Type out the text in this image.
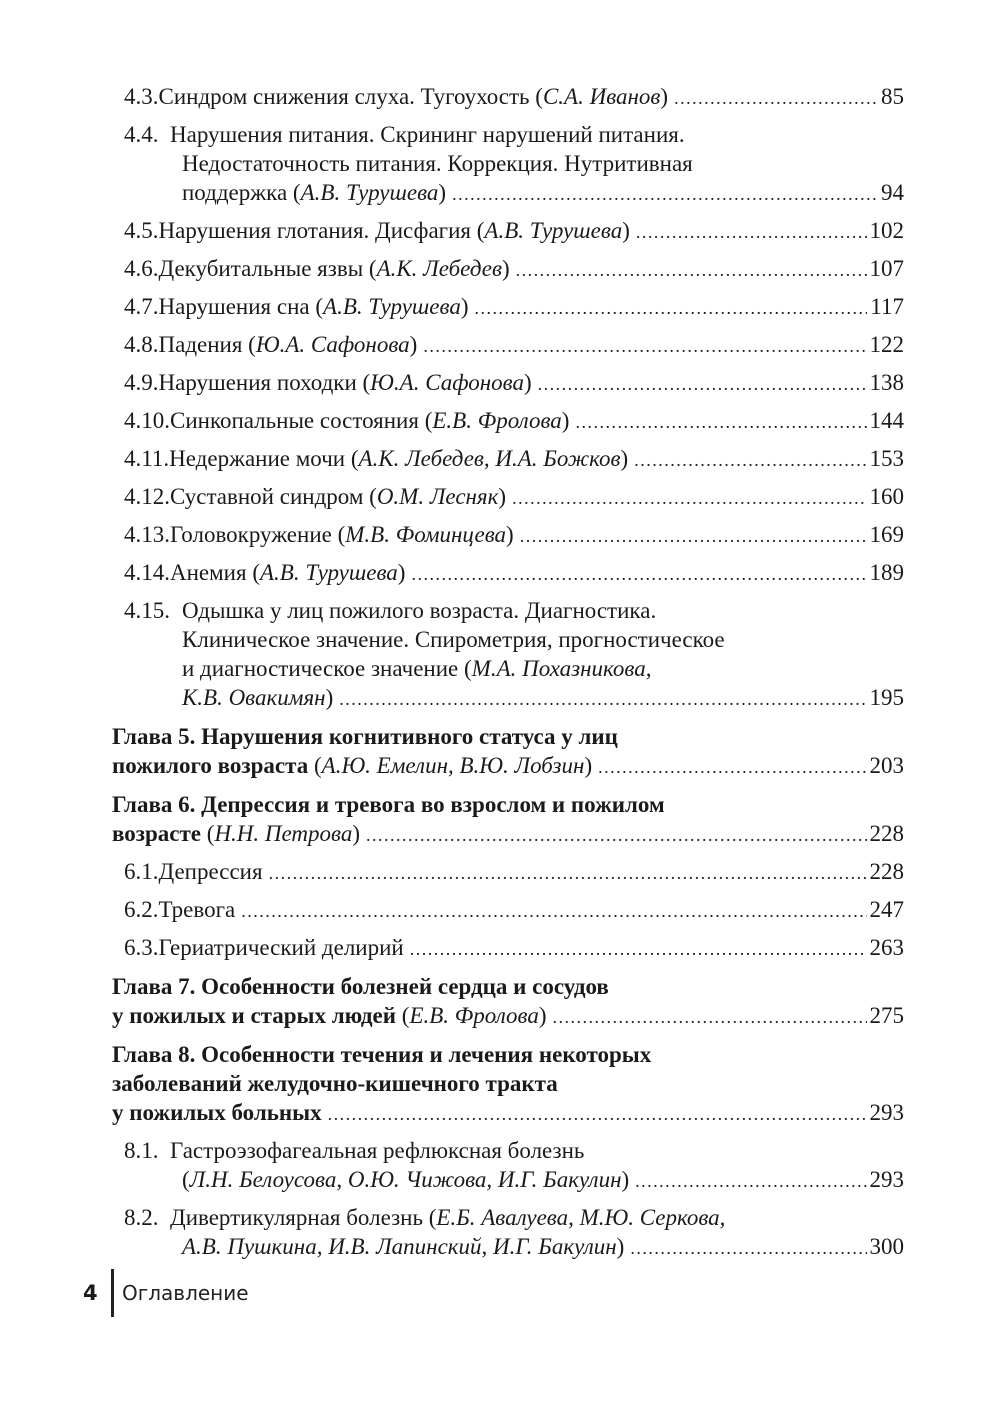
4.3. Синдром снижения слуха. Тугоухость (С.А. Иванов) .....	85
4.4. Нарушения питания. Скрининг нарушений питания.
Недостаточность питания. Коррекция. Нутритивная
поддержка (А.В. Турушева) .....	94
4.5. Нарушения глотания. Дисфагия (А.В. Турушева) .....	102
4.6. Декубитальные язвы (А.К. Лебедев) .....	107
4.7. Нарушения сна (А.В. Турушева) .....	117
4.8. Падения (Ю.А. Сафонова) .....	122
4.9. Нарушения походки (Ю.А. Сафонова) .....	138
4.10. Синкопальные состояния (Е.В. Фролова) .....	144
4.11. Недержание мочи (А.К. Лебедев, И.А. Божков) .....	153
4.12. Суставной синдром (О.М. Лесняк) .....	160
4.13. Головокружение (М.В. Фоминцева) .....	169
4.14. Анемия (А.В. Турушева) .....	189
4.15. Одышка у лиц пожилого возраста. Диагностика.
Клиническое значение. Спирометрия, прогностическое
и диагностическое значение (М.А. Похазникова,
К.В. Овакимян) .....	195
Глава 5. Нарушения когнитивного статуса у лиц
пожилого возраста (А.Ю. Емелин, В.Ю. Лобзин) .....	203
Глава 6. Депрессия и тревога во взрослом и пожилом
возрасте (Н.Н. Петрова) .....	228
6.1. Депрессия .....	228
6.2. Тревога .....	247
6.3. Гериатрический делирий .....	263
Глава 7. Особенности болезней сердца и сосудов
у пожилых и старых людей (Е.В. Фролова) .....	275
Глава 8. Особенности течения и лечения некоторых
заболеваний желудочно-кишечного тракта
у пожилых больных .....	293
8.1. Гастроэзофагеальная рефлюксная болезнь
(Л.Н. Белоусова, О.Ю. Чижова, И.Г. Бакулин) .....	293
8.2. Дивертикулярная болезнь ( Е.Б. Авалуева, М.Ю. Серкова,
А.В. Пушкина, И.В. Лапинский, И.Г. Бакулин) .....	300
4	Оглавление
